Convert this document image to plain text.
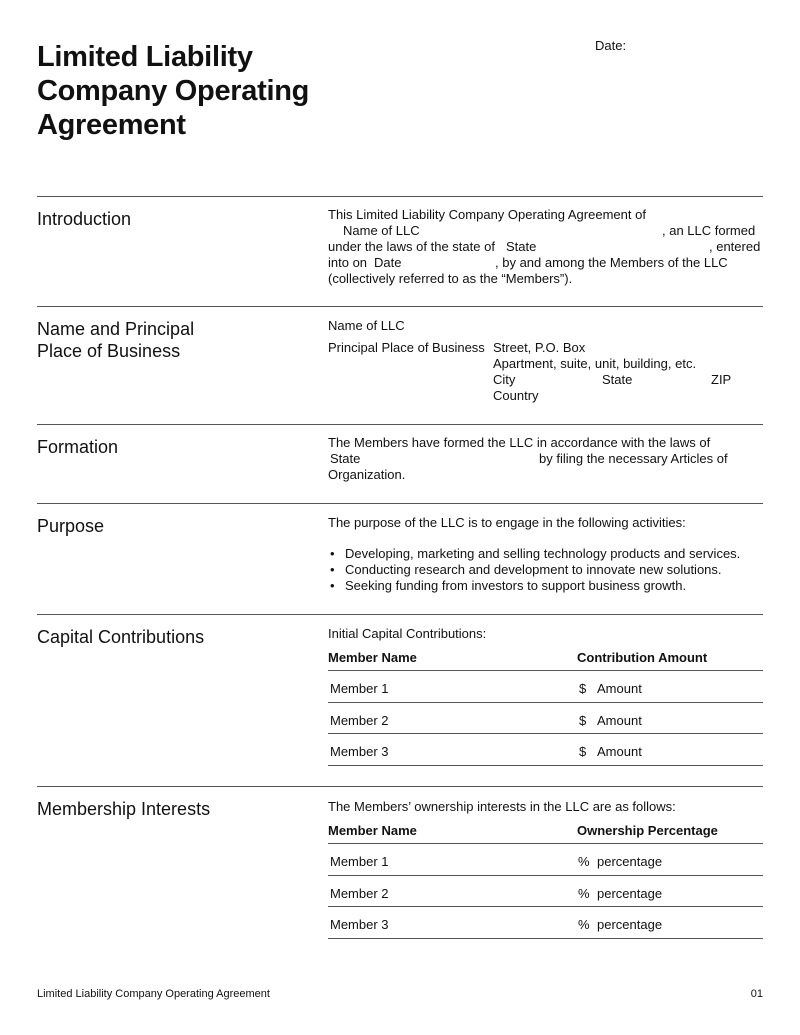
Limited Liability
Company Operating
Agreement
Date:
Introduction	This Limited Liability Company Operating Agreement of
Name of LLC	, an LLC formed
under the laws of the state of State	, entered
into on Date	, by and among the Members of the LLC
(collectively referred to as the “Members”).
Name and Principal
Place of Business
Name of LLC
Principal Place of Business Street, P.O. Box
Apartment, suite, unit, building, etc.
City	State	ZIP
Country
Formation	The Members have formed the LLC in accordance with the laws of
State	by filing the necessary Articles of
Organization.
Purpose	The purpose of the LLC is to engage in the following activities:
• Developing, marketing and selling technology products and services.
• Conducting research and development to innovate new solutions.
• Seeking funding from investors to support business growth.
Capital Contributions	Initial Capital Contributions:
Member Name	Contribution Amount
Member 1	$ Amount
Member 2	$ Amount
Member 3	$ Amount
Membership Interests	The Members’ ownership interests in the LLC are as follows:
Member Name	Ownership Percentage
Member 1	% percentage
Member 2	% percentage
Member 3	% percentage
Limited Liability Company Operating Agreement	01
